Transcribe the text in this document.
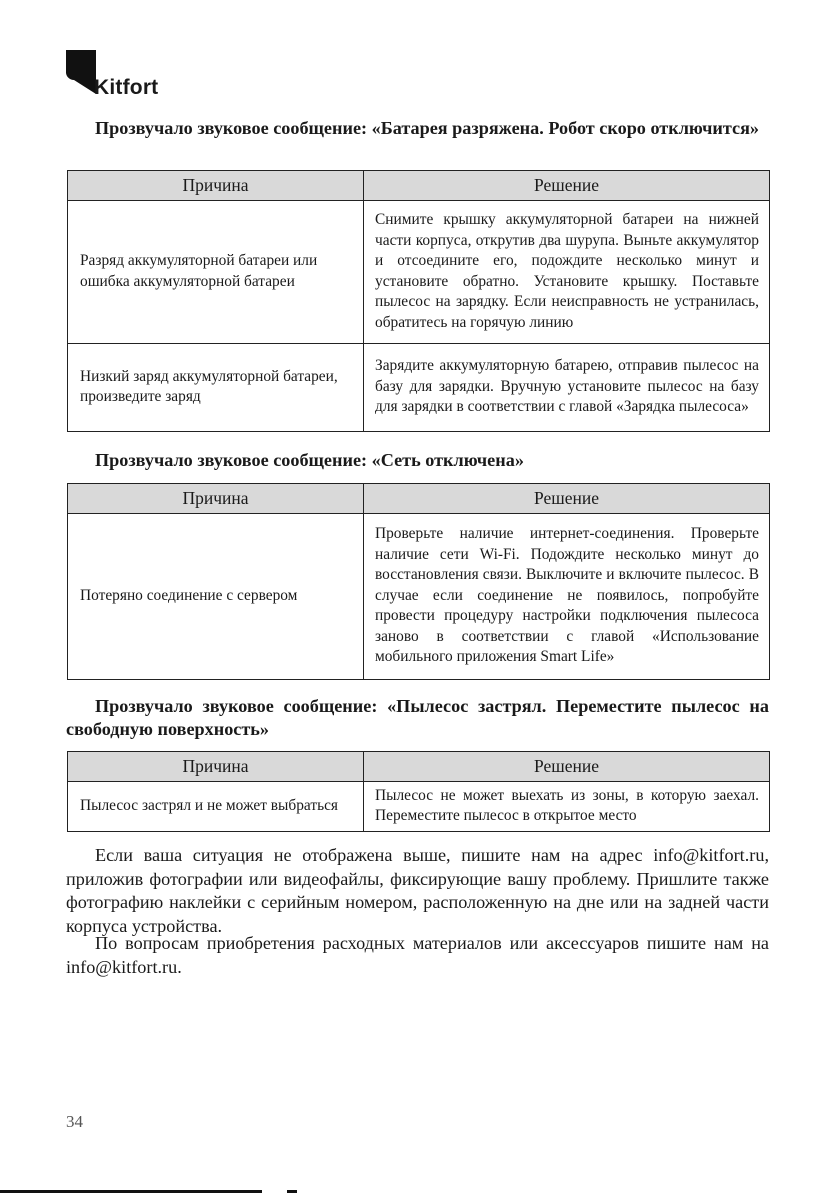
Kitfort

Прозвучало звуковое сообщение: «Батарея разряжена. Робот скоро отключится»

Причина	Решение
Разряд аккумуляторной батареи или ошибка аккумуляторной батареи	Снимите крышку аккумуляторной батареи на нижней части корпуса, открутив два шурупа. Выньте аккумулятор и отсоедините его, подождите несколько минут и установите обратно. Установите крышку. Поставьте пылесос на зарядку. Если неисправность не устранилась, обратитесь на горячую линию
Низкий заряд аккумуляторной батареи, произведите заряд	Зарядите аккумуляторную батарею, отправив пылесос на базу для зарядки. Вручную установите пылесос на базу для зарядки в соответствии с главой «Зарядка пылесоса»

Прозвучало звуковое сообщение: «Сеть отключена»

Причина	Решение
Потеряно соединение с сервером	Проверьте наличие интернет-соединения. Проверьте наличие сети Wi-Fi. Подождите несколько минут до восстановления связи. Выключите и включите пылесос. В случае если соединение не появилось, попробуйте провести процедуру настройки подключения пылесоса заново в соответствии с главой «Использование мобильного приложения Smart Life»

Прозвучало звуковое сообщение: «Пылесос застрял. Переместите пылесос на свободную поверхность»

Причина	Решение
Пылесос застрял и не может выбраться	Пылесос не может выехать из зоны, в которую заехал. Переместите пылесос в открытое место

Если ваша ситуация не отображена выше, пишите нам на адрес info@kitfort.ru, приложив фотографии или видеофайлы, фиксирующие вашу проблему. Пришлите также фотографию наклейки с серийным номером, расположенную на дне или на задней части корпуса устройства.

По вопросам приобретения расходных материалов или аксессуаров пишите нам на info@kitfort.ru.

34
